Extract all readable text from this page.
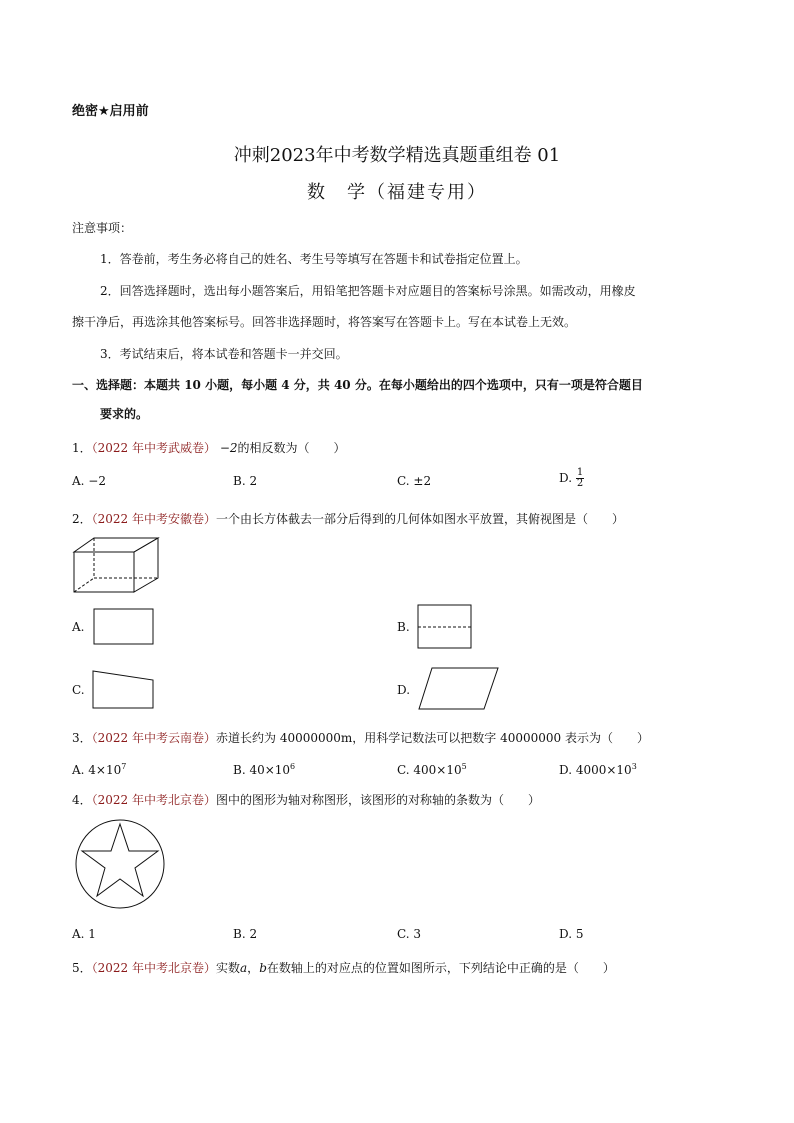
绝密★启用前
冲刺2023年中考数学精选真题重组卷 01
数　学（福建专用）
注意事项：
1．答卷前，考生务必将自己的姓名、考生号等填写在答题卡和试卷指定位置上。
2．回答选择题时，选出每小题答案后，用铅笔把答题卡对应题目的答案标号涂黑。如需改动，用橡皮
擦干净后，再选涂其他答案标号。回答非选择题时，将答案写在答题卡上。写在本试卷上无效。
3．考试结束后，将本试卷和答题卡一并交回。
一、选择题：本题共 10 小题，每小题 4 分，共 40 分。在每小题给出的四个选项中，只有一项是符合题目
要求的。
1．（2022 年中考武威卷） −2的相反数为（　　）
A. −2	B. 2	C. ±2	D. $\frac{1}{2}$
2．（2022 年中考安徽卷）一个由长方体截去一部分后得到的几何体如图水平放置，其俯视图是（　　）
A.	B.
C.	D.
3．（2022 年中考云南卷）赤道长约为 40000000m，用科学记数法可以把数字 40000000 表示为（　　）
A. $4\times 10^7$	B. $40\times 10^6$	C. $400\times 10^5$	D. $4000\times 10^3$
4．（2022 年中考北京卷）图中的图形为轴对称图形，该图形的对称轴的条数为（　　）
A. 1	B. 2	C. 3	D. 5
5．（2022 年中考北京卷）实数a，b在数轴上的对应点的位置如图所示，下列结论中正确的是（　　）
